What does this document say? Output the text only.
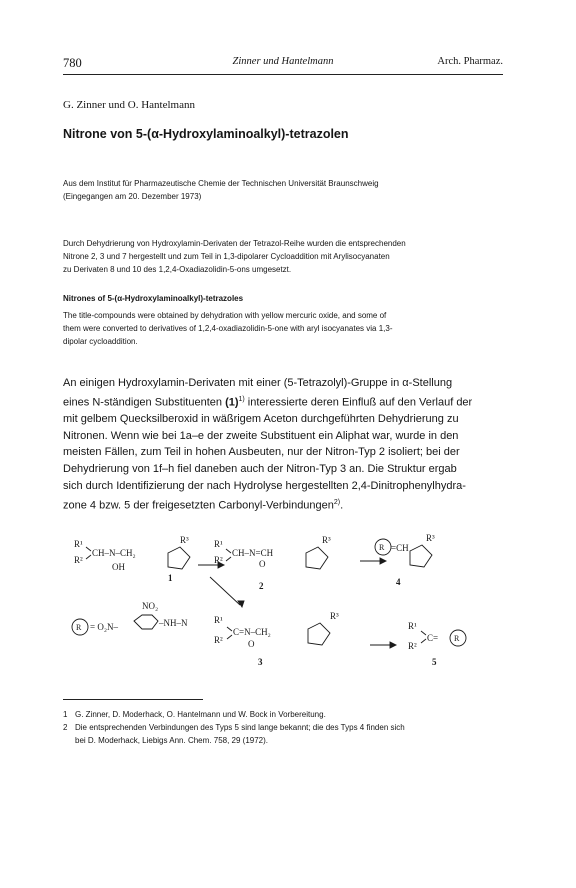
780	Zinner und Hantelmann	Arch. Pharmaz.
G. Zinner und O. Hantelmann
Nitrone von 5-(α-Hydroxylaminoalkyl)-tetrazolen
Aus dem Institut für Pharmazeutische Chemie der Technischen Universität Braunschweig
(Eingegangen am 20. Dezember 1973)
Durch Dehydrierung von Hydroxylamin-Derivaten der Tetrazol-Reihe wurden die entsprechenden
Nitrone 2, 3 und 7 hergestellt und zum Teil in 1,3-dipolarer Cycloaddition mit Arylisocyanaten
zu Derivaten 8 und 10 des 1,2,4-Oxadiazolidin-5-ons umgesetzt.
Nitrones of 5-(α-Hydroxylaminoalkyl)-tetrazoles
The title-compounds were obtained by dehydration with yellow mercuric oxide, and some of
them were converted to derivatives of 1,2,4-oxadiazolidin-5-one with aryl isocyanates via 1,3-
dipolar cycloaddition.
An einigen Hydroxylamin-Derivaten mit einer (5-Tetrazolyl)-Gruppe in α-Stellung
eines N-ständigen Substituenten $(1)^{1)}$ interessierte deren Einfluß auf den Verlauf der
mit gelbem Quecksilberoxid in wäßrigem Aceton durchgeführten Dehydrierung zu
Nitronen. Wenn wie bei 1a–e der zweite Substituent ein Aliphat war, wurde in den
meisten Fällen, zum Teil in hohen Ausbeuten, nur der Nitron-Typ 2 isoliert; bei der
Dehydrierung von 1f–h fiel daneben auch der Nitron-Typ 3 an. Die Struktur ergab
sich durch Identifizierung der nach Hydrolyse hergestellten 2,4-Dinitrophenylhydra-
zone 4 bzw. 5 der freigesetzten Carbonyl-Verbindungen$^{2)}$.
R¹
R²
CH–N–CH₂
OH
R³
1
R¹
R²
CH–N=CH
O
R³
2
R =CH
R³
4
R = O₂N–
NO₂
–NH–N	R¹
R²
C=N–CH₂
O
R³
3
R¹
R²
C= R
5
1 G. Zinner, D. Moderhack, O. Hantelmann und W. Bock in Vorbereitung.
2 Die entsprechenden Verbindungen des Typs 5 sind lange bekannt; die des Typs 4 finden sich
bei D. Moderhack, Liebigs Ann. Chem. 758, 29 (1972).
